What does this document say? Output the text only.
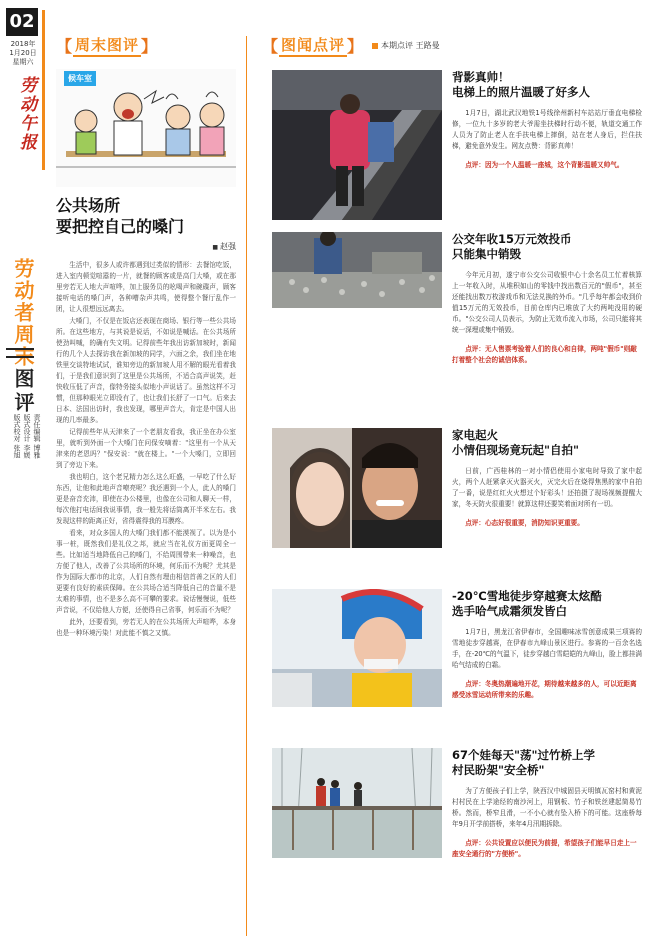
02
2018年
1月20日
星期六
劳动午报
劳动者周末
图评
责任编辑 博雅
版式设计 李媛
版式校对 张旭
【 周末图评 】
候车室
公共场所
要把控自己的嗓门
■ 赵强

生活中，很多人或许都遇到过类似的情形：去餐馆吃饭，进入室内顿觉喧嚣的一片，就餐的顾客或是高门大嗓，或在那里旁若无人地大声喧哗，加上服务员的吆喝声和碗碟声，顾客接听电话的嗓门声，各种嘈杂声共鸣，使得整个餐厅乱作一团，让人很想远远离去。

大嗓门，不仅是在饭店还表现在商场、银行等一些公共场所。在这些地方，与其说是说话，不如说是喊话。在公共场所使劲叫喊，的确有失文明。记得前些年我出访新加坡时，新闻行的几个人去探访我在新加坡的同学，六面之余，我们坐在地铁里交谈特地试试，谁知旁边的新加坡人用不解的眼光看着我们，于是我们意识到了这里是公共场所，不适合高声说笑，赶快收压低了声音，像特务接头似地小声说话了。虽然这样不习惯，但那种眼光立即没有了，也让我们长舒了一口气。后来去日本、法国出访时，我也发现，哪里声音大，肯定是中国人出现的几率最多。

记得前些年从天津来了一个老朋友看我，我正坐在办公室里，就听到外面一个大嗓门在问保安嘀着："这里有一个从天津来的老恩吗？"保安说："就在楼上。"一个大嗓门，立即回到了旁边下来。

我也明白，这个老兄精力怎么这么旺盛，一早吃了什么好东西，让他和此地声音嘹亮呢？我还遇到一个人，此人的嗓门更是奋音充沛，即使在办公楼里，也像在公司和人聊天一样，每次他打电话间我说事情，我一般先将话筒离开半米左右。我发现这样的距离正好，省得震得我的耳膜疼。

看来，对众多国人的大嗓门我们都不能漠视了。以为是小事一桩，既然我们是礼仪之邦，就应当在礼仪方面更周全一些。比如适当地降低自己的嗓门，不给周围带来一种噪音，也方便了他人，改善了公共场所的环境，何乐而不为呢？尤其是作为国际大都市的北京，人们自然有理由相信首善之区的人们更要有良好的素质保障。在公共场合适当降低自己的音量不是太难的事情，也不是多么高不可攀的要求。说话慢慢说，低些声音说，不仅给他人方便，还使得自己省事，何乐而不为呢？

此外，还要看到，旁若无人的在公共场所大声喧哗，本身也是一种环境污染！对此能不慎之又慎。

【 图闻点评 】 本期点评 王路曼
背影真帅！
电梯上的照片温暖了好多人
1月7日，湖北武汉地铁1号线徐州新村车站站厅垂直电梯检修，一位九十多岁的老大爷需坐扶梯时行动不便，轨道交通工作人员为了防止老人在手扶电梯上摔倒，站在老人身后，拦住扶梯，避免意外发生。网友点赞：背影真帅！
点评：因为一个人温暖一座城，这个背影温暖又帅气。
公交年收15万元效投币
只能集中销毁
今年元月初，遂宁市公交公司收银中心十余名员工忙着核算上一年收入时，从堆积如山的零钱中找出数百元的"假币"，甚至还能找出数万枚游戏币和无法兑换的外币。"几乎每年都会收到价值15万元的无效投币，目前仓库内已堆放了大约两吨没用的硬币。"公交公司人员表示，为防止无效币流入市场，公司只能将其统一深埋或集中销毁。
点评：无人售票考验着人们的良心和自律，两吨"假币"则敲打着整个社会的诚信体系。
家电起火
小情侣现场竟玩起"自拍"
日前，广西桂林的一对小情侣使用小家电时导致了家中起火，两个人赶紧拿灭火器灭火，灭完火后在烧得焦黑的家中自拍了一番，说是红红火火想过个好彩头！还拍摄了现场视频提醒大家，冬天防火很重要！就算这样还要笑着面对所有一切。
点评：心态好很重要，消防知识更重要。
-20℃雪地徒步穿越赛太炫酷
选手哈气成霜须发皆白
1月7日，黑龙江省伊春市，全国趣味冰雪创意成果三项赛的雪地徒步穿越赛，在伊春市九峰山景区进行。参赛的一百余名选手，在-20℃的气温下，徒步穿越白雪皑皑的九峰山，脸上都挂满哈气结成的白霜。
点评：冬奥热潮遍地开花，期待越来越多的人，可以近距离感受冰雪运动所带来的乐趣。
67个娃每天"荡"过竹桥上学
村民盼架"安全桥"
为了方便孩子们上学，陕西汉中城固县天明镇瓦窑村和黄泥村村民在上学途经的南沙河上，用钢板、竹子和铁丝建起简易竹桥。然而，桥窄且滑，一不小心就有坠入桥下的可能。这座桥每年9月开学前搭桥，来年4月汛期拆除。
点评：公共设置应以便民为前提，希望孩子们能早日走上一座安全通行的"方便桥"。
